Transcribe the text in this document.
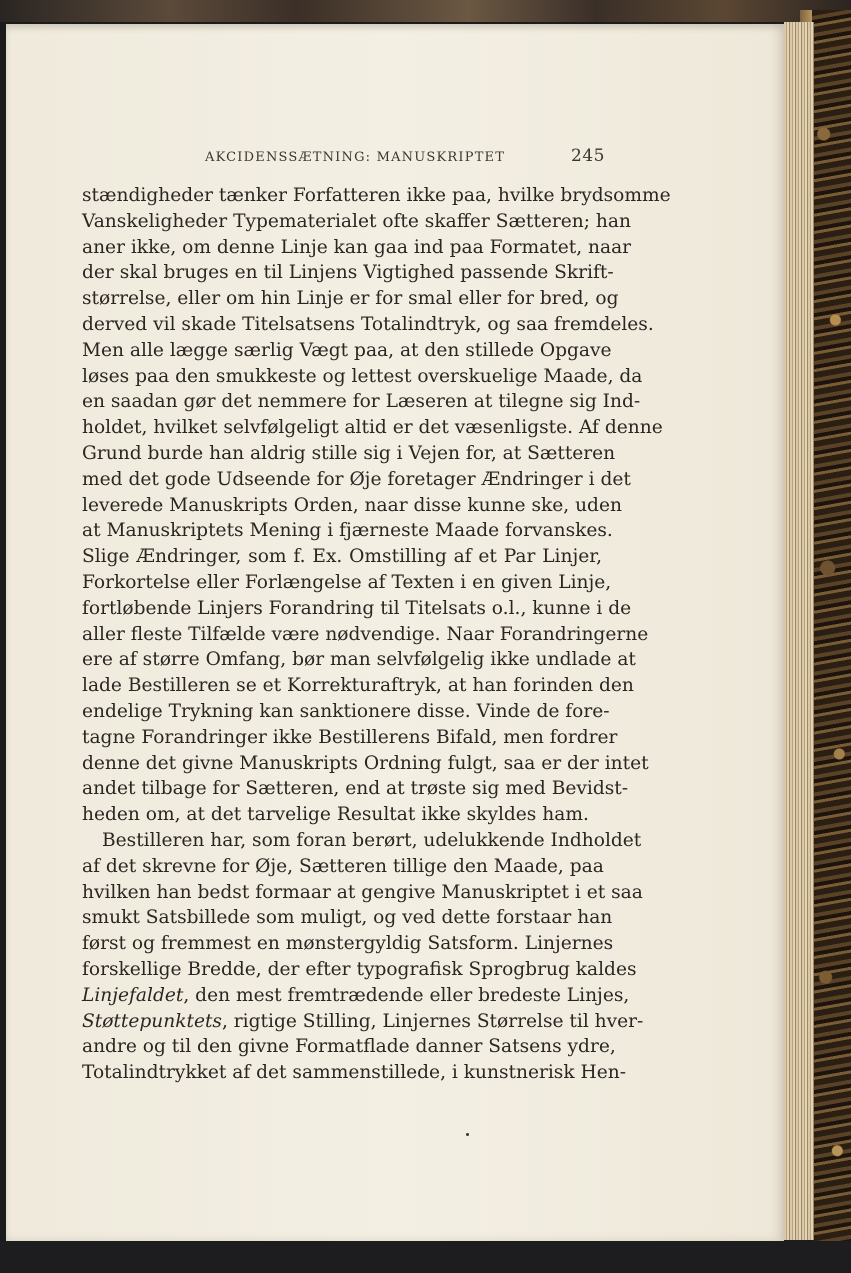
AKCIDENSSÆTNING: MANUSKRIPTET	245
stændigheder tænker Forfatteren ikke paa, hvilke brydsomme
Vanskeligheder Typematerialet ofte skaffer Sætteren; han
aner ikke, om denne Linje kan gaa ind paa Formatet, naar
der skal bruges en til Linjens Vigtighed passende Skrift-
størrelse, eller om hin Linje er for smal eller for bred, og
derved vil skade Titelsatsens Totalindtryk, og saa fremdeles.
Men alle lægge særlig Vægt paa, at den stillede Opgave
løses paa den smukkeste og lettest overskuelige Maade, da
en saadan gør det nemmere for Læseren at tilegne sig Ind-
holdet, hvilket selvfølgeligt altid er det væsenligste. Af denne
Grund burde han aldrig stille sig i Vejen for, at Sætteren
med det gode Udseende for Øje foretager Ændringer i det
leverede Manuskripts Orden, naar disse kunne ske, uden
at Manuskriptets Mening i fjærneste Maade forvanskes.
Slige Ændringer, som f. Ex. Omstilling af et Par Linjer,
Forkortelse eller Forlængelse af Texten i en given Linje,
fortløbende Linjers Forandring til Titelsats o.l., kunne i de
aller fleste Tilfælde være nødvendige. Naar Forandringerne
ere af større Omfang, bør man selvfølgelig ikke undlade at
lade Bestilleren se et Korrekturaftryk, at han forinden den
endelige Trykning kan sanktionere disse. Vinde de fore-
tagne Forandringer ikke Bestillerens Bifald, men fordrer
denne det givne Manuskripts Ordning fulgt, saa er der intet
andet tilbage for Sætteren, end at trøste sig med Bevidst-
heden om, at det tarvelige Resultat ikke skyldes ham.
Bestilleren har, som foran berørt, udelukkende Indholdet
af det skrevne for Øje, Sætteren tillige den Maade, paa
hvilken han bedst formaar at gengive Manuskriptet i et saa
smukt Satsbillede som muligt, og ved dette forstaar han
først og fremmest en mønstergyldig Satsform. Linjernes
forskellige Bredde, der efter typografisk Sprogbrug kaldes
Linjefaldet, den mest fremtrædende eller bredeste Linjes,
Støttepunktets, rigtige Stilling, Linjernes Størrelse til hver-
andre og til den givne Formatflade danner Satsens ydre,
Totalindtrykket af det sammenstillede, i kunstnerisk Hen-
